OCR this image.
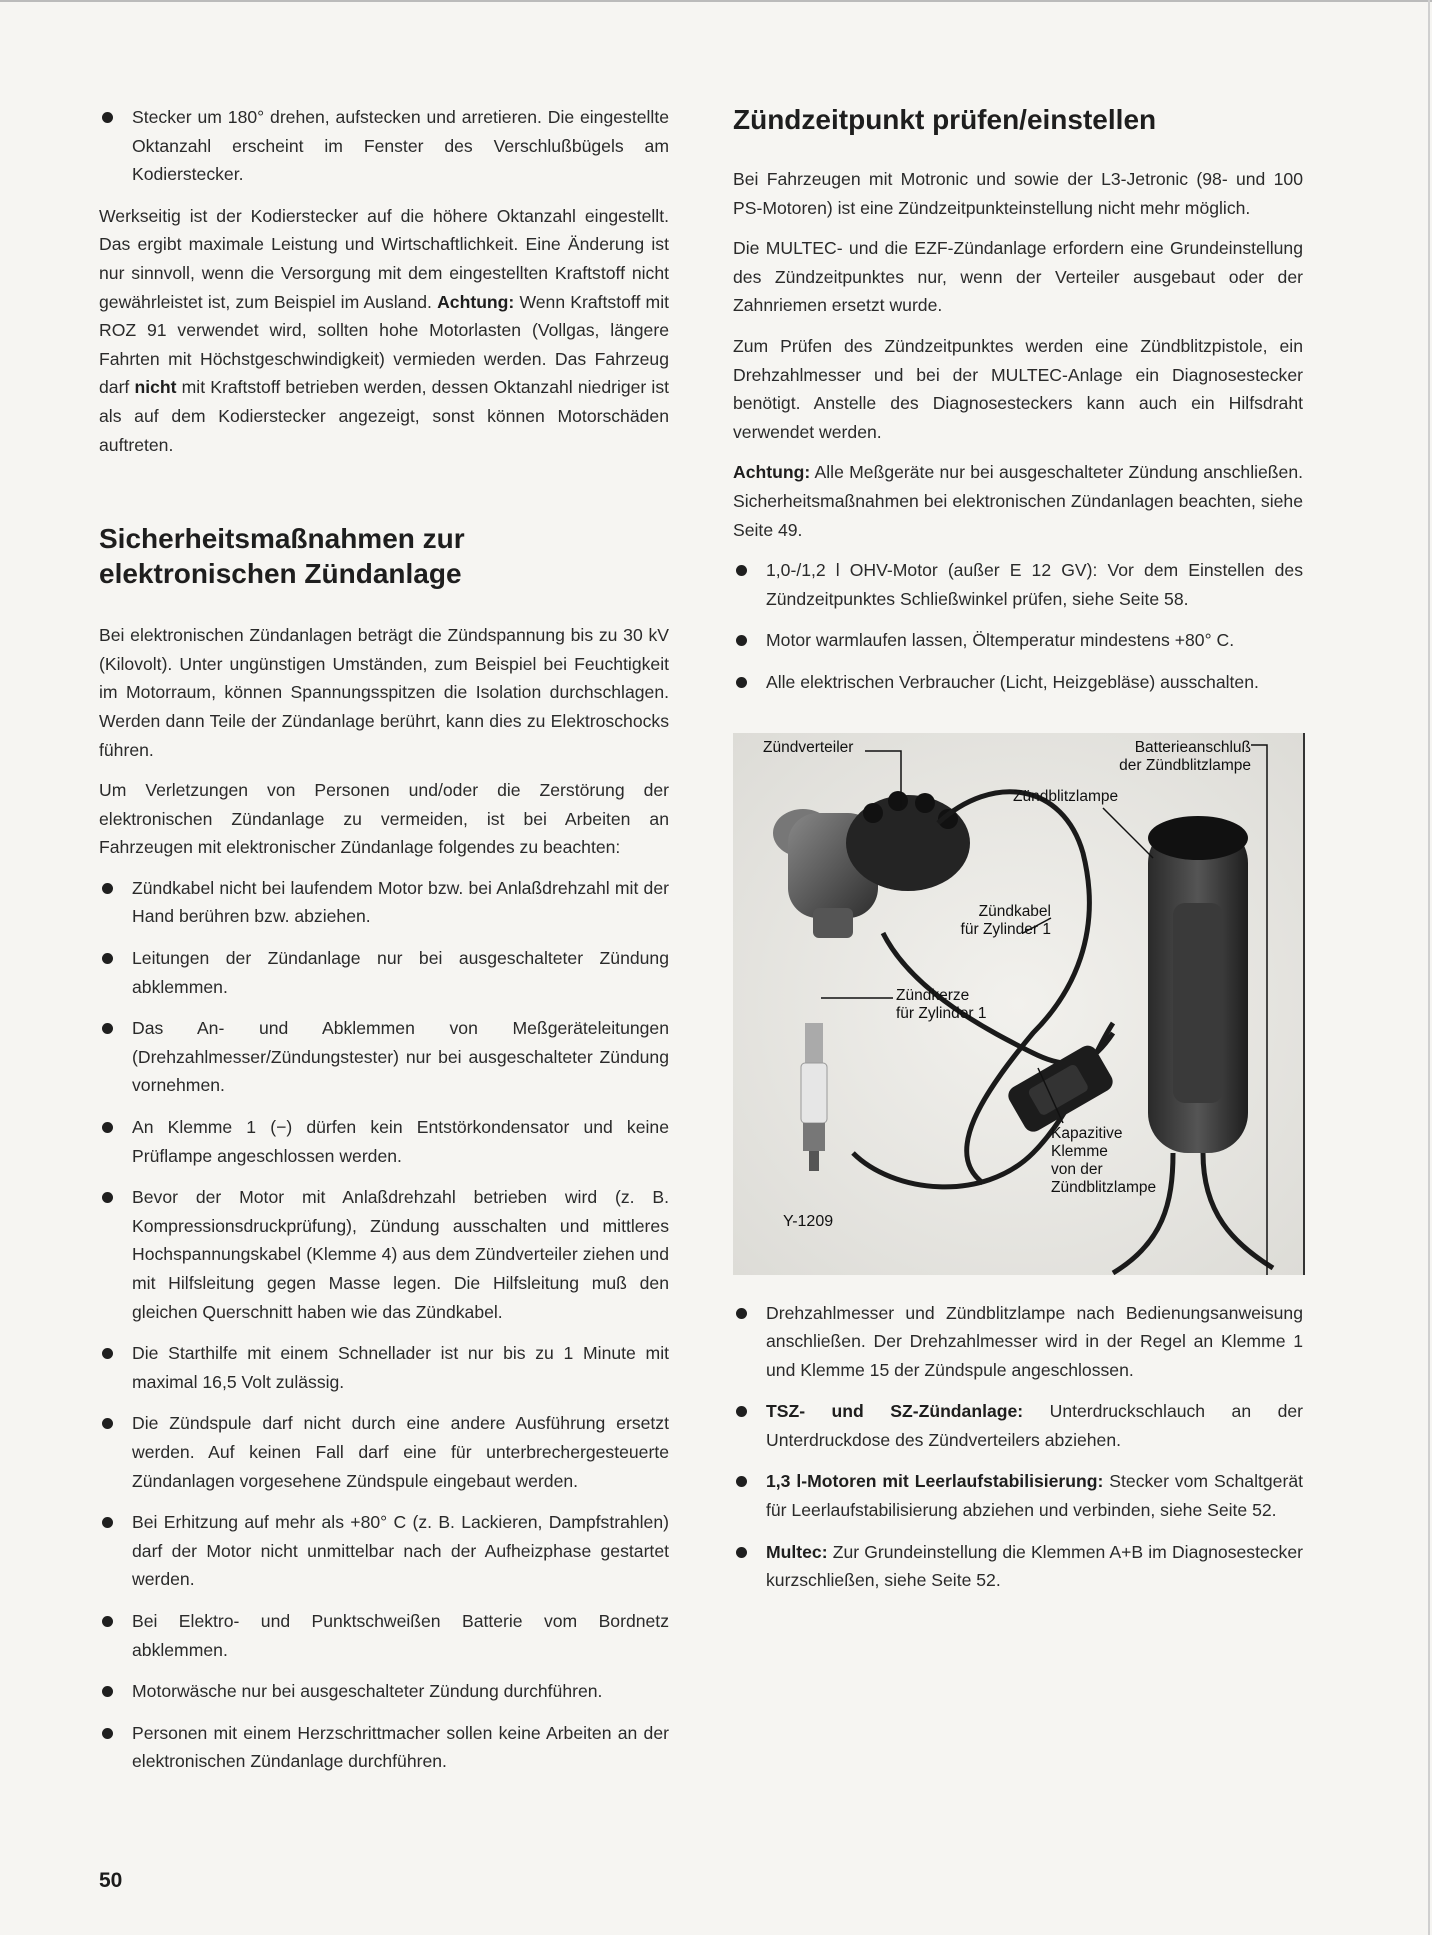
Stecker um 180° drehen, aufstecken und arretieren. Die eingestellte Oktanzahl erscheint im Fenster des Verschlußbügels am Kodierstecker.

Werkseitig ist der Kodierstecker auf die höhere Oktanzahl eingestellt. Das ergibt maximale Leistung und Wirtschaftlichkeit. Eine Änderung ist nur sinnvoll, wenn die Versorgung mit dem eingestellten Kraftstoff nicht gewährleistet ist, zum Beispiel im Ausland. Achtung: Wenn Kraftstoff mit ROZ 91 verwendet wird, sollten hohe Motorlasten (Vollgas, längere Fahrten mit Höchstgeschwindigkeit) vermieden werden. Das Fahrzeug darf nicht mit Kraftstoff betrieben werden, dessen Oktanzahl niedriger ist als auf dem Kodierstecker angezeigt, sonst können Motorschäden auftreten.

Sicherheitsmaßnahmen zur
elektronischen Zündanlage

Bei elektronischen Zündanlagen beträgt die Zündspannung bis zu 30 kV (Kilovolt). Unter ungünstigen Umständen, zum Beispiel bei Feuchtigkeit im Motorraum, können Spannungsspitzen die Isolation durchschlagen. Werden dann Teile der Zündanlage berührt, kann dies zu Elektroschocks führen.

Um Verletzungen von Personen und/oder die Zerstörung der elektronischen Zündanlage zu vermeiden, ist bei Arbeiten an Fahrzeugen mit elektronischer Zündanlage folgendes zu beachten:

Zündkabel nicht bei laufendem Motor bzw. bei Anlaßdrehzahl mit der Hand berühren bzw. abziehen.
Leitungen der Zündanlage nur bei ausgeschalteter Zündung abklemmen.
Das An- und Abklemmen von Meßgeräteleitungen (Drehzahlmesser/Zündungstester) nur bei ausgeschalteter Zündung vornehmen.
An Klemme 1 (−) dürfen kein Entstörkondensator und keine Prüflampe angeschlossen werden.
Bevor der Motor mit Anlaßdrehzahl betrieben wird (z. B. Kompressionsdruckprüfung), Zündung ausschalten und mittleres Hochspannungskabel (Klemme 4) aus dem Zündverteiler ziehen und mit Hilfsleitung gegen Masse legen. Die Hilfsleitung muß den gleichen Querschnitt haben wie das Zündkabel.
Die Starthilfe mit einem Schnellader ist nur bis zu 1 Minute mit maximal 16,5 Volt zulässig.
Die Zündspule darf nicht durch eine andere Ausführung ersetzt werden. Auf keinen Fall darf eine für unterbrechergesteuerte Zündanlagen vorgesehene Zündspule eingebaut werden.
Bei Erhitzung auf mehr als +80° C (z. B. Lackieren, Dampfstrahlen) darf der Motor nicht unmittelbar nach der Aufheizphase gestartet werden.
Bei Elektro- und Punktschweißen Batterie vom Bordnetz abklemmen.
Motorwäsche nur bei ausgeschalteter Zündung durchführen.
Personen mit einem Herzschrittmacher sollen keine Arbeiten an der elektronischen Zündanlage durchführen.
Zündzeitpunkt prüfen/einstellen

Bei Fahrzeugen mit Motronic und sowie der L3-Jetronic (98- und 100 PS-Motoren) ist eine Zündzeitpunkteinstellung nicht mehr möglich.

Die MULTEC- und die EZF-Zündanlage erfordern eine Grundeinstellung des Zündzeitpunktes nur, wenn der Verteiler ausgebaut oder der Zahnriemen ersetzt wurde.

Zum Prüfen des Zündzeitpunktes werden eine Zündblitzpistole, ein Drehzahlmesser und bei der MULTEC-Anlage ein Diagnosestecker benötigt. Anstelle des Diagnosesteckers kann auch ein Hilfsdraht verwendet werden.

Achtung: Alle Meßgeräte nur bei ausgeschalteter Zündung anschließen. Sicherheitsmaßnahmen bei elektronischen Zündanlagen beachten, siehe Seite 49.

1,0-/1,2 l OHV-Motor (außer E 12 GV): Vor dem Einstellen des Zündzeitpunktes Schließwinkel prüfen, siehe Seite 58.
Motor warmlaufen lassen, Öltemperatur mindestens +80° C.
Alle elektrischen Verbraucher (Licht, Heizgebläse) ausschalten.
Zündverteiler	Batterieanschluß
der Zündblitzlampe
Zündblitzlampe
Zündkabel
für Zylinder 1
Zündkerze
für Zylinder 1
Kapazitive
Klemme
von der
Zündblitzlampe
Y-1209
Drehzahlmesser und Zündblitzlampe nach Bedienungsanweisung anschließen. Der Drehzahlmesser wird in der Regel an Klemme 1 und Klemme 15 der Zündspule angeschlossen.
TSZ- und SZ-Zündanlage: Unterdruckschlauch an der Unterdruckdose des Zündverteilers abziehen.
1,3 l-Motoren mit Leerlaufstabilisierung: Stecker vom Schaltgerät für Leerlaufstabilisierung abziehen und verbinden, siehe Seite 52.
Multec: Zur Grundeinstellung die Klemmen A+B im Diagnosestecker kurzschließen, siehe Seite 52.
50
